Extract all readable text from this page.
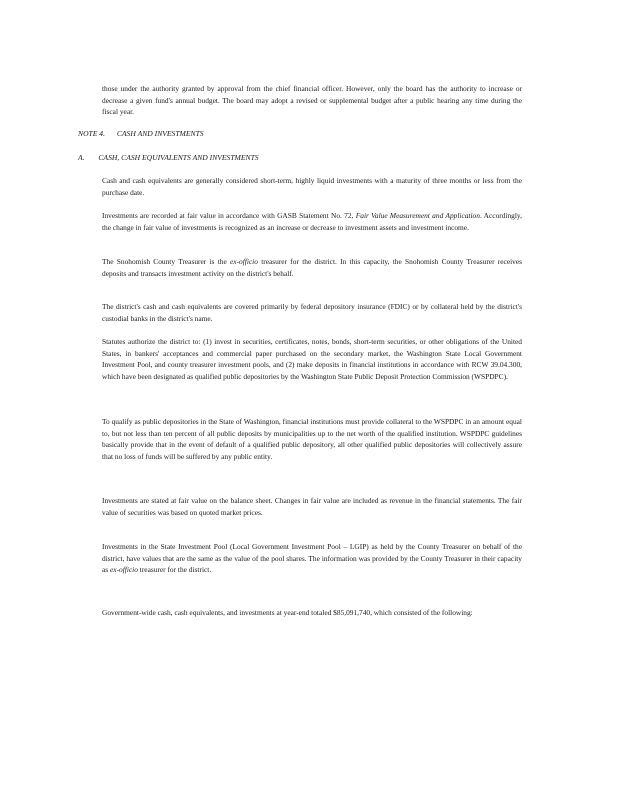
those under the authority granted by approval from the chief financial officer. However, only the board has the authority to increase or decrease a given fund's annual budget. The board may adopt a revised or supplemental budget after a public hearing any time during the fiscal year.

NOTE 4. CASH AND INVESTMENTS
A. CASH, CASH EQUIVALENTS AND INVESTMENTS

Cash and cash equivalents are generally considered short-term, highly liquid investments with a maturity of three months or less from the purchase date.

Investments are recorded at fair value in accordance with GASB Statement No. 72, Fair Value Measurement and Application. Accordingly, the change in fair value of investments is recognized as an increase or decrease to investment assets and investment income.

The Snohomish County Treasurer is the ex-officio treasurer for the district. In this capacity, the Snohomish County Treasurer receives deposits and transacts investment activity on the district's behalf.

The district's cash and cash equivalents are covered primarily by federal depository insurance (FDIC) or by collateral held by the district's custodial banks in the district's name.

Statutes authorize the district to: (1) invest in securities, certificates, notes, bonds, short-term securities, or other obligations of the United States, in bankers' acceptances and commercial paper purchased on the secondary market, the Washington State Local Government Investment Pool, and county treasurer investment pools, and (2) make deposits in financial institutions in accordance with RCW 39.04.300, which have been designated as qualified public depositories by the Washington State Public Deposit Protection Commission (WSPDPC).

To qualify as public depositories in the State of Washington, financial institutions must provide collateral to the WSPDPC in an amount equal to, but not less than ten percent of all public deposits by municipalities up to the net worth of the qualified institution. WSPDPC guidelines basically provide that in the event of default of a qualified public depository, all other qualified public depositories will collectively assure that no loss of funds will be suffered by any public entity.

Investments are stated at fair value on the balance sheet. Changes in fair value are included as revenue in the financial statements. The fair value of securities was based on quoted market prices.

Investments in the State Investment Pool (Local Government Investment Pool – LGIP) as held by the County Treasurer on behalf of the district, have values that are the same as the value of the pool shares. The information was provided by the County Treasurer in their capacity as ex-officio treasurer for the district.

Government-wide cash, cash equivalents, and investments at year-end totaled $85,091,740, which consisted of the following:
